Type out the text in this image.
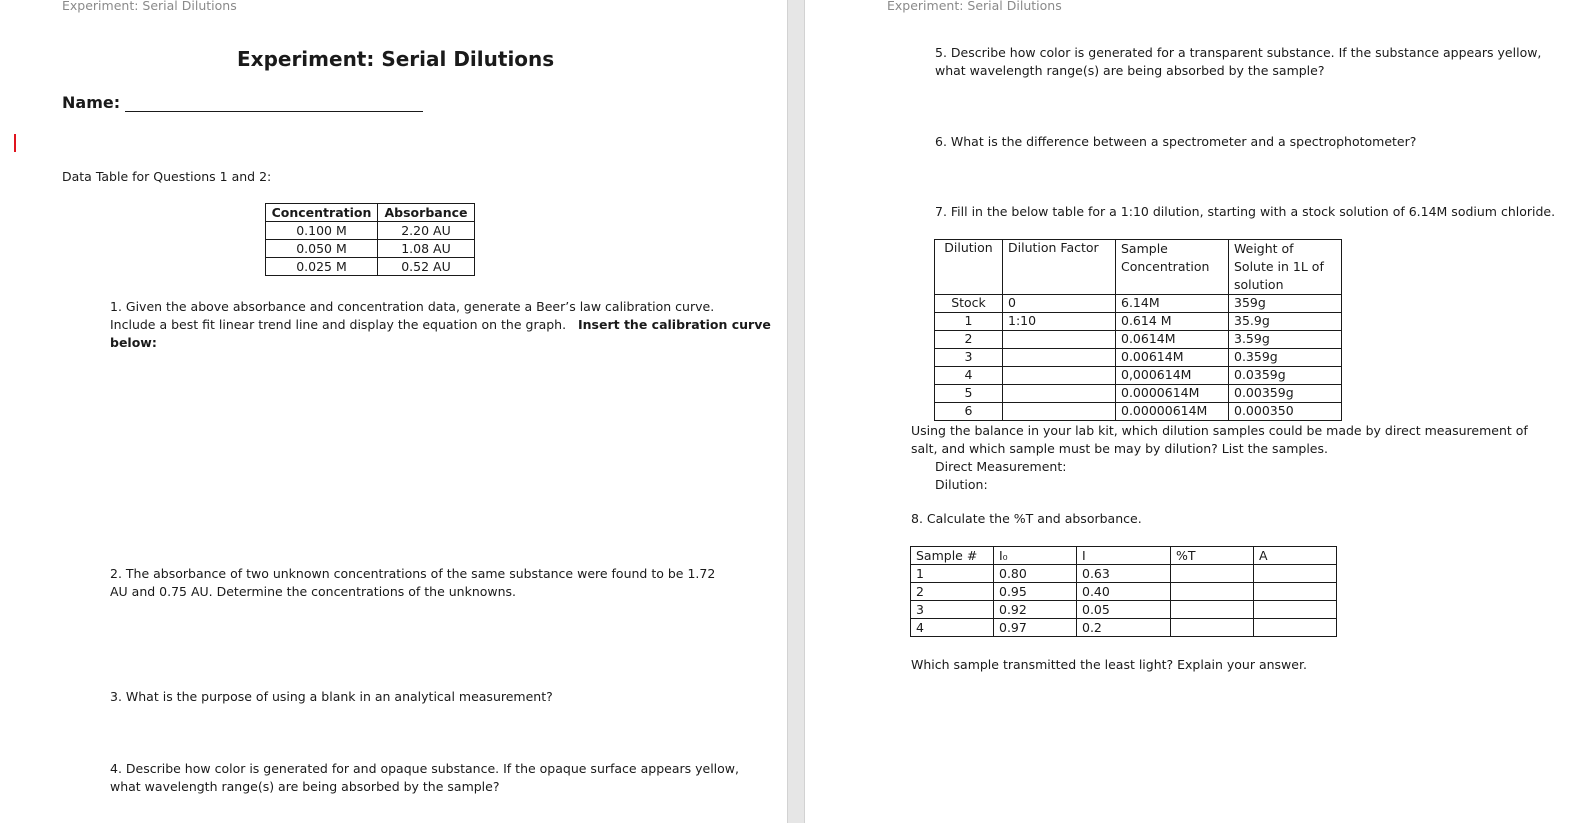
Experiment: Serial Dilutions
Experiment: Serial Dilutions
Name:
Data Table for Questions 1 and 2:
Concentration	Absorbance
0.100 M	2.20 AU
0.050 M	1.08 AU
0.025 M	0.52 AU
1. Given the above absorbance and concentration data, generate a Beer’s law calibration curve.
Include a best fit linear trend line and display the equation on the graph. Insert the calibration curve
below:
2. The absorbance of two unknown concentrations of the same substance were found to be 1.72
AU and 0.75 AU. Determine the concentrations of the unknowns.
3. What is the purpose of using a blank in an analytical measurement?
4. Describe how color is generated for and opaque substance. If the opaque surface appears yellow,
what wavelength range(s) are being absorbed by the sample?
Experiment: Serial Dilutions
5. Describe how color is generated for a transparent substance. If the substance appears yellow,
what wavelength range(s) are being absorbed by the sample?
6. What is the difference between a spectrometer and a spectrophotometer?
7. Fill in the below table for a 1:10 dilution, starting with a stock solution of 6.14M sodium chloride.
Dilution	Dilution Factor	Sample Concentration	Weight of Solute in 1L of solution
Stock	0	6.14M	359g
1	1:10	0.614 M	35.9g
2		0.0614M	3.59g
3		0.00614M	0.359g
4		0,000614M	0.0359g
5		0.0000614M	0.00359g
6		0.00000614M	0.000350
Using the balance in your lab kit, which dilution samples could be made by direct measurement of
salt, and which sample must be may by dilution? List the samples.
Direct Measurement:
Dilution:
8. Calculate the %T and absorbance.
Sample #	I₀	I	%T	A
1	0.80	0.63		
2	0.95	0.40		
3	0.92	0.05		
4	0.97	0.2		
Which sample transmitted the least light? Explain your answer.
